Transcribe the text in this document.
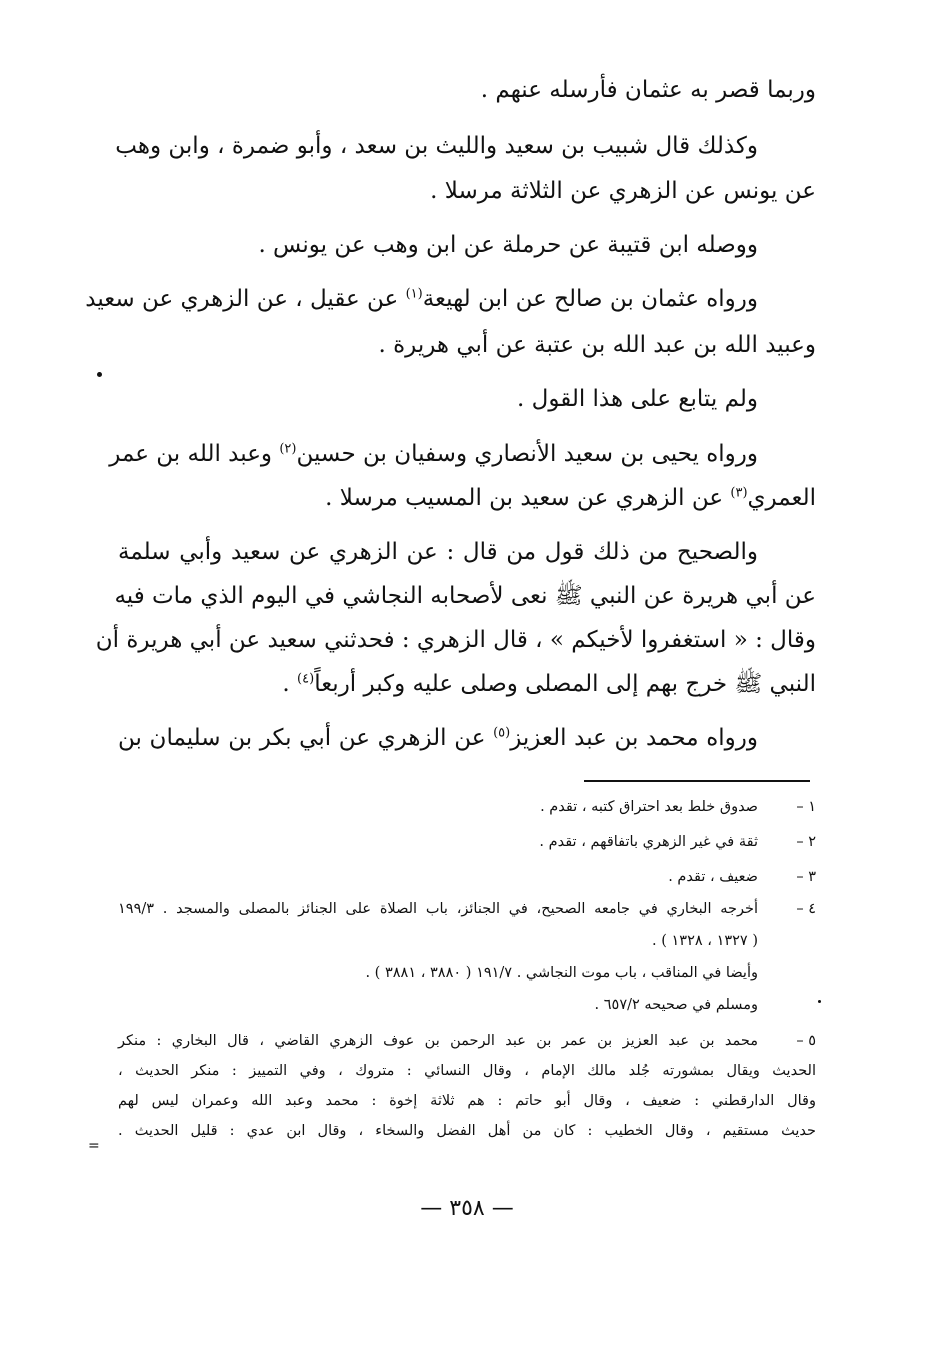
وربما قصر به عثمان فأرسله عنهم .
وكذلك قال شبيب بن سعيد والليث بن سعد ، وأبو ضمرة ، وابن وهب
عن يونس عن الزهري عن الثلاثة مرسلا .
ووصله ابن قتيبة عن حرملة عن ابن وهب عن يونس .
ورواه عثمان بن صالح عن ابن لهيعة$^{(١)}$ عن عقيل ، عن الزهري عن سعيد
وعبيد الله بن عبد الله بن عتبة عن أبي هريرة .
ولم يتابع على هذا القول .
ورواه يحيى بن سعيد الأنصاري وسفيان بن حسين$^{(٢)}$ وعبد الله بن عمر
العمري$^{(٣)}$ عن الزهري عن سعيد بن المسيب مرسلا .
والصحيح من ذلك قول من قال : عن الزهري عن سعيد وأبي سلمة
عن أبي هريرة عن النبي ﷺ نعى لأصحابه النجاشي في اليوم الذي مات فيه
وقال : « استغفروا لأخيكم » ، قال الزهري : فحدثني سعيد عن أبي هريرة أن
النبي ﷺ خرج بهم إلى المصلى وصلى عليه وكبر أربعاً$^{(٤)}$ .
ورواه محمد بن عبد العزيز$^{(٥)}$ عن الزهري عن أبي بكر بن سليمان بن
١ –
صدوق خلط بعد احتراق كتبه ، تقدم .
٢ –
ثقة في غير الزهري باتفاقهم ، تقدم .
٣ –
ضعيف ، تقدم .
٤ –
أخرجه البخاري في جامعه الصحيح، في الجنائز، باب الصلاة على الجنائز بالمصلى والمسجد . ١٩٩/٣
( ١٣٢٧ ، ١٣٢٨ ) .
وأيضا في المناقب ، باب موت النجاشي . ١٩١/٧ ( ٣٨٨٠ ، ٣٨٨١ ) .
ومسلم في صحيحه ٦٥٧/٢ .
٥ –
محمد بن عبد العزيز بن عمر بن عبد الرحمن بن عوف الزهري القاضي ، قال البخاري : منكر
الحديث ويقال بمشورته جُلد مالك الإمام ، وقال النسائي : متروك ، وفي التمييز : منكر الحديث ،
وقال الدارقطني : ضعيف ، وقال أبو حاتم : هم ثلاثة إخوة : محمد وعبد الله وعمران ليس لهم
حديث مستقيم ، وقال الخطيب : كان من أهل الفضل والسخاء ، وقال ابن عدي : قليل الحديث .
=
— ٣٥٨ —
